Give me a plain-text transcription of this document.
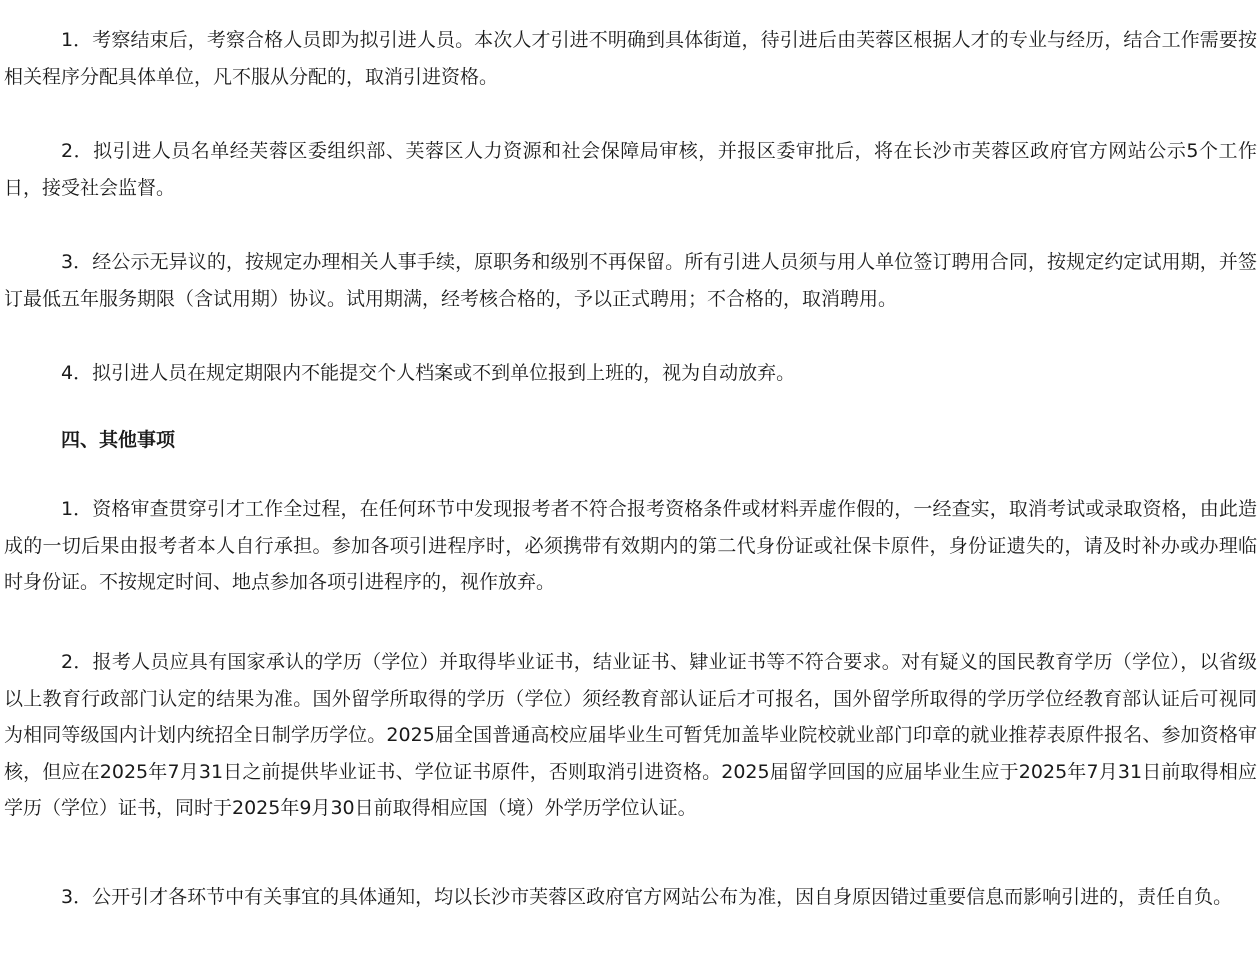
1．考察结束后，考察合格人员即为拟引进人员。本次人才引进不明确到具体街道，待引进后由芙蓉区根据人才的专业与经历，结合工作需要按相关程序分配具体单位，凡不服从分配的，取消引进资格。

2．拟引进人员名单经芙蓉区委组织部、芙蓉区人力资源和社会保障局审核，并报区委审批后，将在长沙市芙蓉区政府官方网站公示5个工作日，接受社会监督。

3．经公示无异议的，按规定办理相关人事手续，原职务和级别不再保留。所有引进人员须与用人单位签订聘用合同，按规定约定试用期，并签订最低五年服务期限（含试用期）协议。试用期满，经考核合格的，予以正式聘用；不合格的，取消聘用。

4．拟引进人员在规定期限内不能提交个人档案或不到单位报到上班的，视为自动放弃。

四、其他事项

1．资格审查贯穿引才工作全过程，在任何环节中发现报考者不符合报考资格条件或材料弄虚作假的，一经查实，取消考试或录取资格，由此造成的一切后果由报考者本人自行承担。参加各项引进程序时，必须携带有效期内的第二代身份证或社保卡原件，身份证遗失的，请及时补办或办理临时身份证。不按规定时间、地点参加各项引进程序的，视作放弃。

2．报考人员应具有国家承认的学历（学位）并取得毕业证书，结业证书、肄业证书等不符合要求。对有疑义的国民教育学历（学位），以省级以上教育行政部门认定的结果为准。国外留学所取得的学历（学位）须经教育部认证后才可报名，国外留学所取得的学历学位经教育部认证后可视同为相同等级国内计划内统招全日制学历学位。2025届全国普通高校应届毕业生可暂凭加盖毕业院校就业部门印章的就业推荐表原件报名、参加资格审核，但应在2025年7月31日之前提供毕业证书、学位证书原件，否则取消引进资格。2025届留学回国的应届毕业生应于2025年7月31日前取得相应学历（学位）证书，同时于2025年9月30日前取得相应国（境）外学历学位认证。

3．公开引才各环节中有关事宜的具体通知，均以长沙市芙蓉区政府官方网站公布为准，因自身原因错过重要信息而影响引进的，责任自负。
